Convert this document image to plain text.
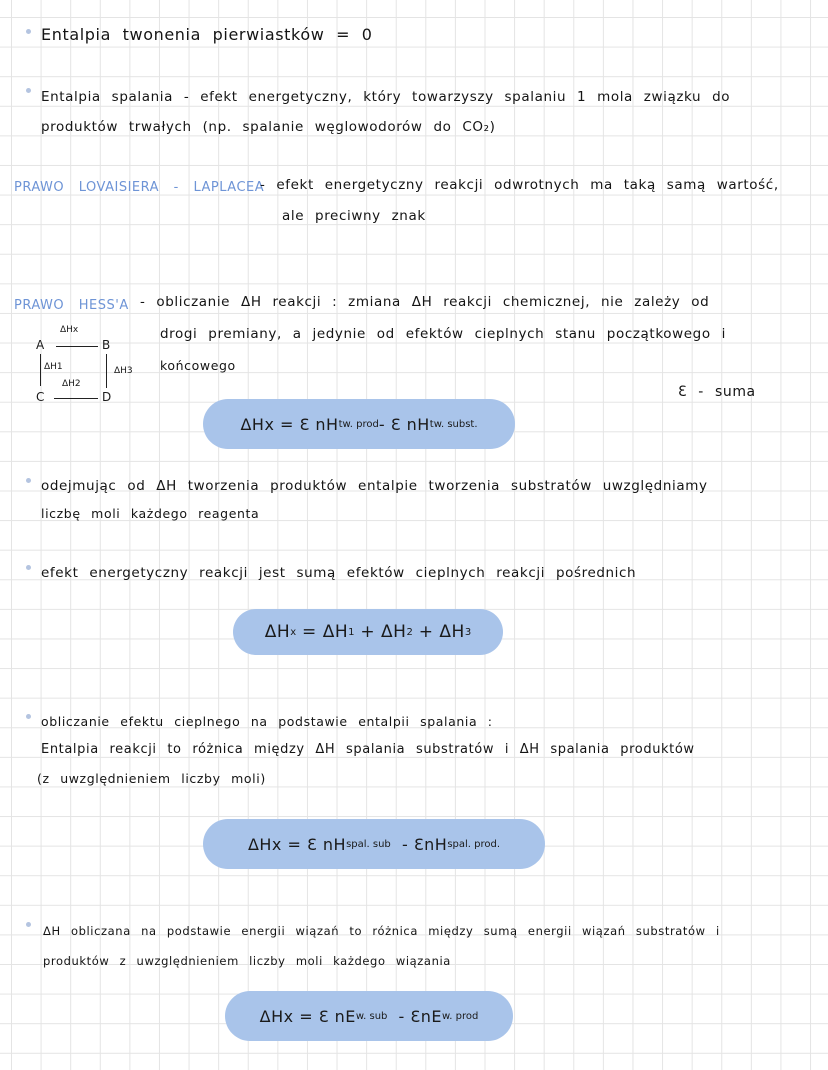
Entalpia twonenia pierwiastków = 0
Entalpia spalania - efekt energetyczny, który towarzyszy spalaniu 1 mola związku do
produktów trwałych (np. spalanie węglowodorów do CO₂)
PRAWO LOVAISIERA - LAPLACEA
- efekt energetyczny reakcji odwrotnych ma taką samą wartość,
ale preciwny znak
PRAWO HESS'A - obliczanie ΔH reakcji : zmiana ΔH reakcji chemicznej, nie zależy od
drogi premiany, a jedynie od efektów cieplnych stanu początkowego i
końcowego
Ɛ - suma
A	B
C	D
ΔHx
ΔH1
ΔH2
ΔH3
ΔHx = Ɛ nH tw. prod - Ɛ nH tw. subst.
odejmując od ΔH tworzenia produktów entalpie tworzenia substratów uwzględniamy
liczbę moli każdego reagenta
efekt energetyczny reakcji jest sumą efektów cieplnych reakcji pośrednich
ΔH x = ΔH 1 + ΔH 2 + ΔH 3
obliczanie efektu cieplnego na podstawie entalpii spalania :
Entalpia reakcji to różnica między ΔH spalania substratów i ΔH spalania produktów
(z uwzględnieniem liczby moli)
ΔHx = Ɛ nH spal. sub - ƐnH spal. prod.
ΔH obliczana na podstawie energii wiązań to różnica między sumą energii wiązań substratów i
produktów z uwzględnieniem liczby moli każdego wiązania
ΔHx = Ɛ nE w. sub - ƐnE w. prod
